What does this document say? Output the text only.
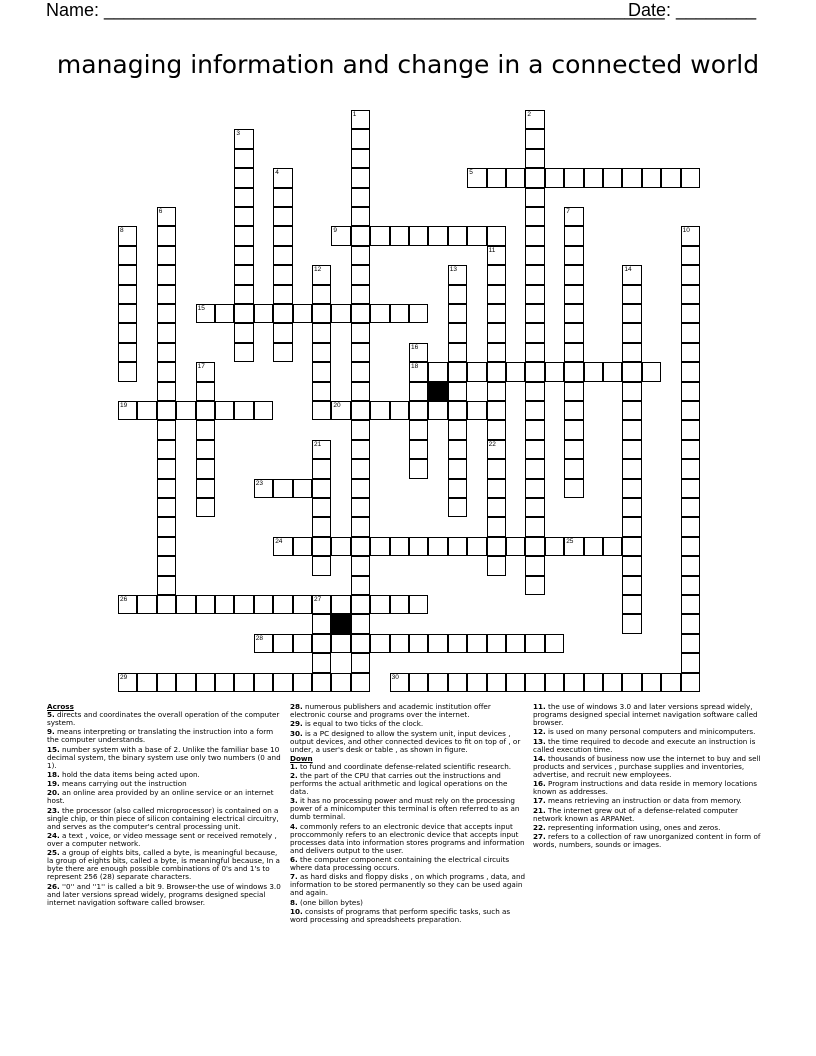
Name: ________________________________________________________
Date: ________
managing information and change in a connected world
1	2
3
4	5
6	7
8	9	10
11
12	13	14
15
16
18
17
19	20
21	22
23
24	25
26	27
28
29	30
Across
5. directs and coordinates the overall operation of the computer system.
9. means interpreting or translating the instruction into a form the computer understands.
15. number system with a base of 2. Unlike the familiar base 10 decimal system, the binary system use only two numbers (0 and 1).
18. hold the data items being acted upon.
19. means carrying out the instruction
20. an online area provided by an online service or an internet host.
23. the processor (also called microprocessor) is contained on a single chip, or thin piece of silicon containing electrical circuitry, and serves as the computer's central processing unit.
24. a text , voice, or video message sent or received remotely , over a computer network.
25. a group of eights bits, called a byte, is meaningful because, la group of eights bits, called a byte, is meaningful because, In a byte there are enough possible combinations of 0's and 1's to represent 256 (28) separate characters.
26. ''0'' and ''1'' is called a bit 9. Browser-the use of windows 3.0 and later versions spread widely, programs designed special internet navigation software called browser.
28. numerous publishers and academic institution offer electronic course and programs over the internet.
29. is equal to two ticks of the clock.
30. is a PC designed to allow the system unit, input devices , output devices, and other connected devices to fit on top of , or under, a user's desk or table , as shown in figure.
Down
1. to fund and coordinate defense-related scientific research.
2. the part of the CPU that carries out the instructions and performs the actual arithmetic and logical operations on the data.
3. it has no processing power and must rely on the processing power of a minicomputer this terminal is often referred to as an dumb terminal.
4. commonly refers to an electronic device that accepts input proccommonly refers to an electronic device that accepts input processes data into information stores programs and information and delivers output to the user.
6. the computer component containing the electrical circuits where data processing occurs.
7. as hard disks and floppy disks , on which programs , data, and information to be stored permanently so they can be used again and again.
8. (one billon bytes)
10. consists of programs that perform specific tasks, such as word processing and spreadsheets preparation.
11. the use of windows 3.0 and later versions spread widely, programs designed special internet navigation software called browser.
12. is used on many personal computers and minicomputers.
13. the time required to decode and execute an instruction is called execution time.
14. thousands of business now use the internet to buy and sell products and services , purchase supplies and inventories, advertise, and recruit new employees.
16. Program instructions and data reside in memory locations known as addresses.
17. means retrieving an instruction or data from memory.
21. The internet grew out of a defense-related computer network known as ARPANet.
22. representing information using, ones and zeros.
27. refers to a collection of raw unorganized content in form of words, numbers, sounds or images.
